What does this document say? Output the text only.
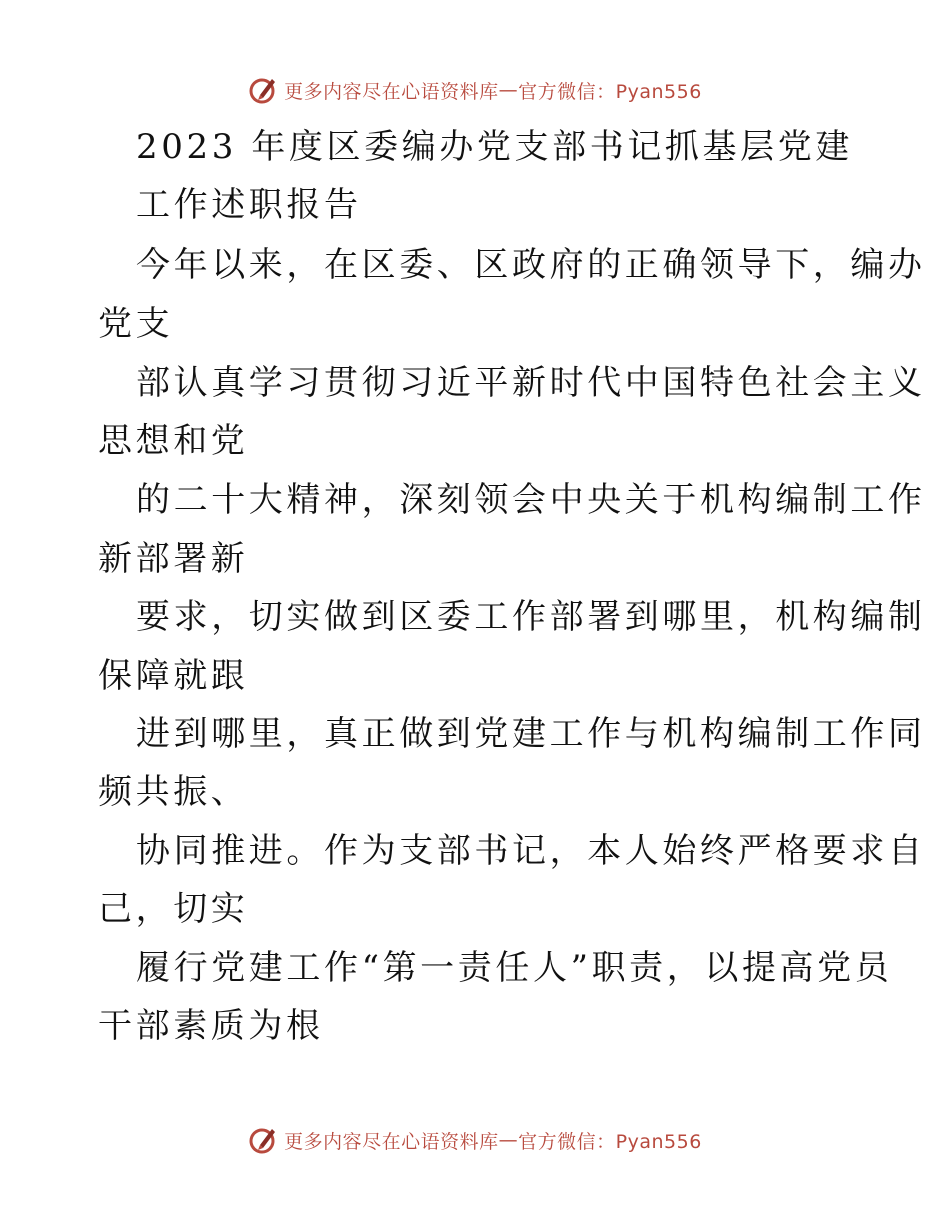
更多内容尽在心语资料库 — 官方微信：Pyan556
2023 年度区委编办党支部书记抓基层党建
工作述职报告
今年以来，在区委、区政府的正确领导下，编办
党支
部认真学习贯彻习近平新时代中国特色社会主义
思想和党
的二十大精神，深刻领会中央关于机构编制工作
新部署新
要求，切实做到区委工作部署到哪里，机构编制
保障就跟
进到哪里，真正做到党建工作与机构编制工作同
频共振、
协同推进。作为支部书记，本人始终严格要求自
己，切实
履行党建工作“第一责任人”职责，以提高党员
干部素质为根
更多内容尽在心语资料库 — 官方微信：Pyan556
